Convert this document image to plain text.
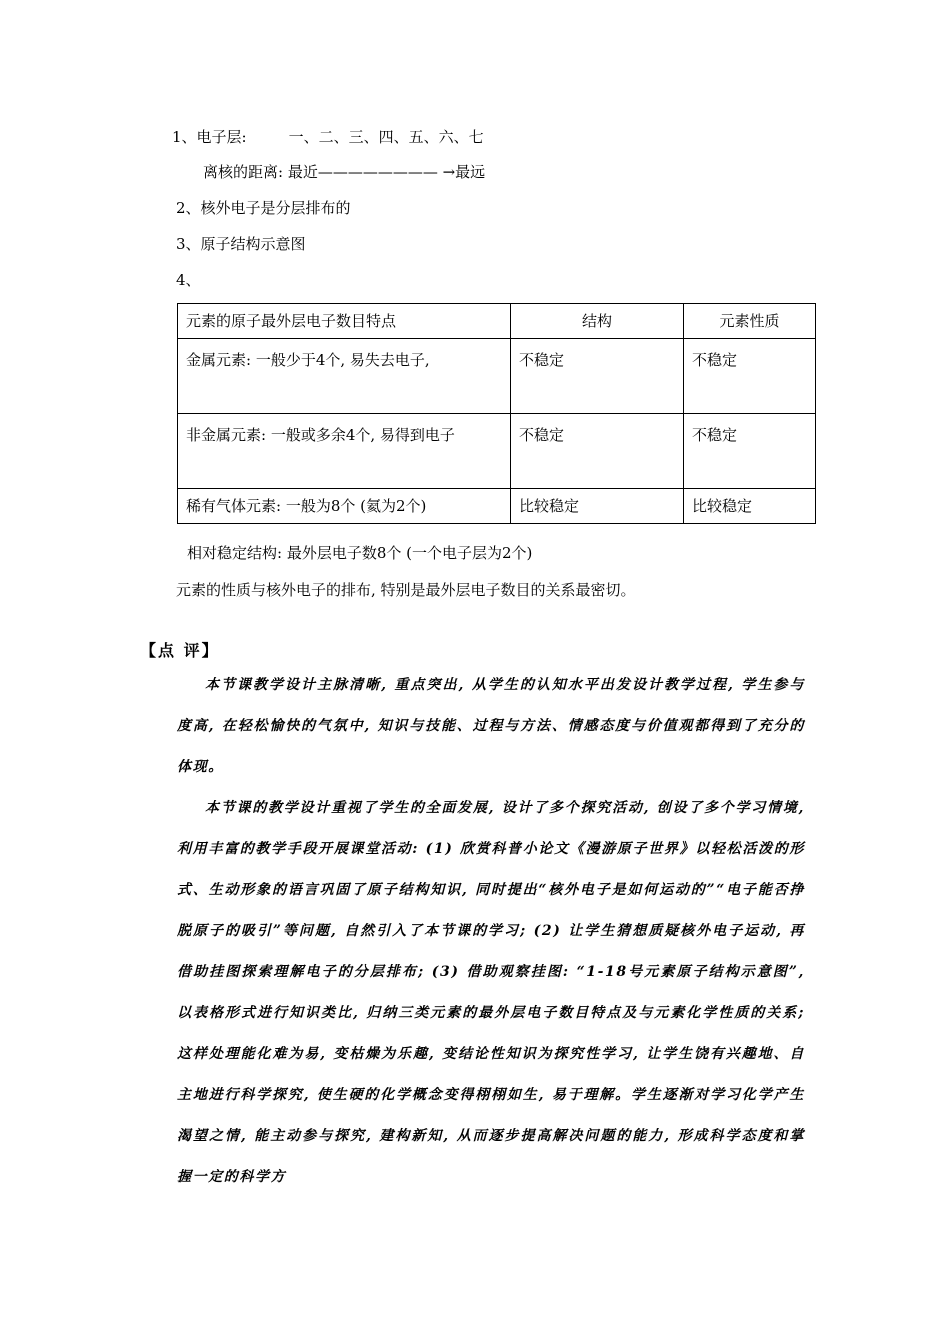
1、电子层:	一、二、三、四、五、六、七
离核的距离: 最近———————— →最远
2、核外电子是分层排布的
3、原子结构示意图
4、
元素的原子最外层电子数目特点	结构	元素性质
金属元素: 一般少于4个, 易失去电子,	不稳定	不稳定
非金属元素: 一般或多余4个, 易得到电子	不稳定	不稳定
稀有气体元素: 一般为8个 (氦为2个)	比较稳定	比较稳定
相对稳定结构: 最外层电子数8个 (一个电子层为2个)
元素的性质与核外电子的排布, 特别是最外层电子数目的关系最密切。
【点 评】
本节课教学设计主脉清晰, 重点突出, 从学生的认知水平出发设计教学过程, 学生参与度高, 在轻松愉快的气氛中, 知识与技能、过程与方法、情感态度与价值观都得到了充分的体现。
本节课的教学设计重视了学生的全面发展, 设计了多个探究活动, 创设了多个学习情境, 利用丰富的教学手段开展课堂活动: (1) 欣赏科普小论文《漫游原子世界》以轻松活泼的形式、生动形象的语言巩固了原子结构知识, 同时提出“核外电子是如何运动的”“电子能否挣脱原子的吸引”等问题, 自然引入了本节课的学习; (2) 让学生猜想质疑核外电子运动, 再借助挂图探索理解电子的分层排布; (3) 借助观察挂图: “1-18号元素原子结构示意图”, 以表格形式进行知识类比, 归纳三类元素的最外层电子数目特点及与元素化学性质的关系; 这样处理能化难为易, 变枯燥为乐趣, 变结论性知识为探究性学习, 让学生饶有兴趣地、自主地进行科学探究, 使生硬的化学概念变得栩栩如生, 易于理解。学生逐渐对学习化学产生渴望之情, 能主动参与探究, 建构新知, 从而逐步提高解决问题的能力, 形成科学态度和掌握一定的科学方
